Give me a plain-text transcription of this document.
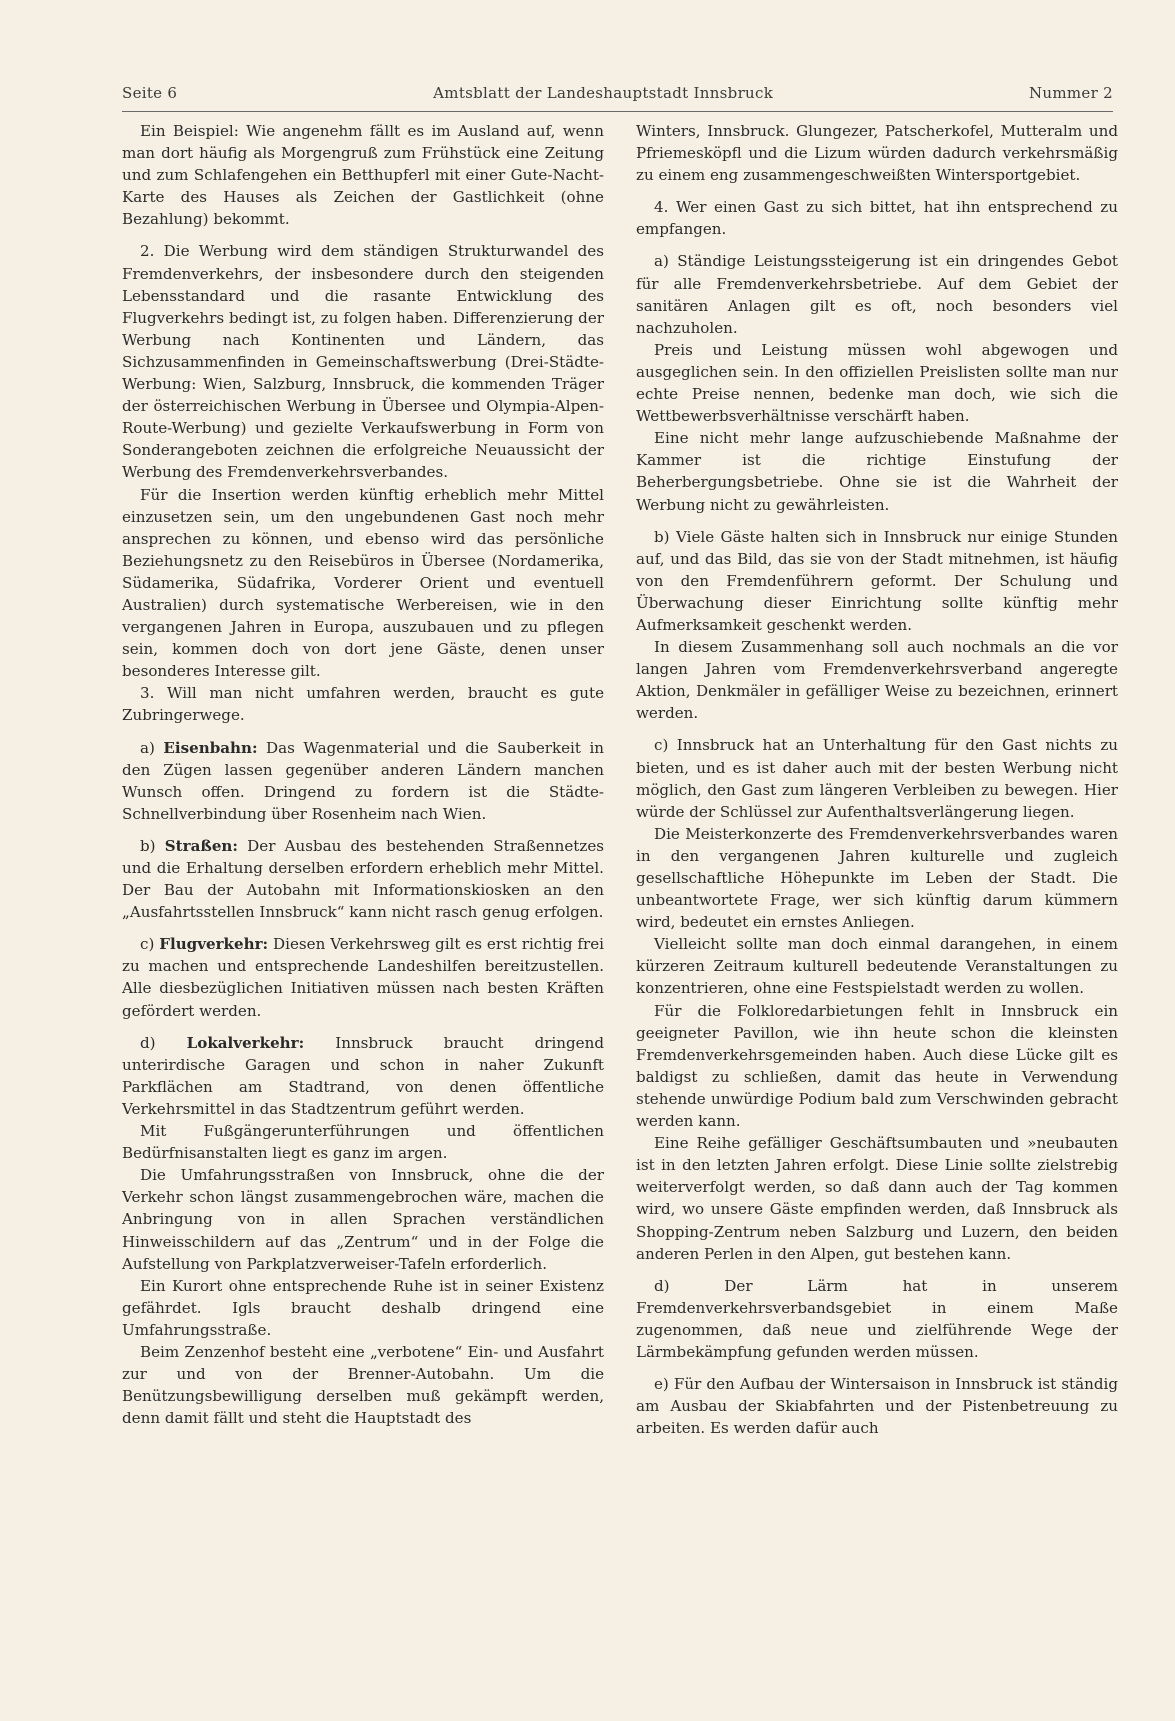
Seite 6	Amtsblatt der Landeshauptstadt Innsbruck	Nummer 2

Ein Beispiel: Wie angenehm fällt es im Ausland auf, wenn man dort häufig als Morgengruß zum Frühstück eine Zeitung und zum Schlafengehen ein Betthupferl mit einer Gute-Nacht-Karte des Hauses als Zeichen der Gastlichkeit (ohne Bezahlung) bekommt.

2. Die Werbung wird dem ständigen Strukturwandel des Fremdenverkehrs, der insbesondere durch den steigenden Lebensstandard und die rasante Entwicklung des Flugverkehrs bedingt ist, zu folgen haben. Differenzierung der Werbung nach Kontinenten und Ländern, das Sichzusammenfinden in Gemeinschaftswerbung (Drei-Städte-Werbung: Wien, Salzburg, Innsbruck, die kommenden Träger der österreichischen Werbung in Übersee und Olympia-Alpen-Route-Werbung) und gezielte Verkaufswerbung in Form von Sonderangeboten zeichnen die erfolgreiche Neuaussicht der Werbung des Fremdenverkehrsverbandes.

Für die Insertion werden künftig erheblich mehr Mittel einzusetzen sein, um den ungebundenen Gast noch mehr ansprechen zu können, und ebenso wird das persönliche Beziehungsnetz zu den Reisebüros in Übersee (Nordamerika, Südamerika, Südafrika, Vorderer Orient und eventuell Australien) durch systematische Werbereisen, wie in den vergangenen Jahren in Europa, auszubauen und zu pflegen sein, kommen doch von dort jene Gäste, denen unser besonderes Interesse gilt.

3. Will man nicht umfahren werden, braucht es gute Zubringerwege.

a) Eisenbahn: Das Wagenmaterial und die Sauberkeit in den Zügen lassen gegenüber anderen Ländern manchen Wunsch offen. Dringend zu fordern ist die Städte-Schnellverbindung über Rosenheim nach Wien.

b) Straßen: Der Ausbau des bestehenden Straßennetzes und die Erhaltung derselben erfordern erheblich mehr Mittel. Der Bau der Autobahn mit Informationskiosken an den „Ausfahrtsstellen Innsbruck“ kann nicht rasch genug erfolgen.

c) Flugverkehr: Diesen Verkehrsweg gilt es erst richtig frei zu machen und entsprechende Landeshilfen bereitzustellen. Alle diesbezüglichen Initiativen müssen nach besten Kräften gefördert werden.

d) Lokalverkehr: Innsbruck braucht dringend unterirdische Garagen und schon in naher Zukunft Parkflächen am Stadtrand, von denen öffentliche Verkehrsmittel in das Stadtzentrum geführt werden.

Mit Fußgängerunterführungen und öffentlichen Bedürfnisanstalten liegt es ganz im argen.

Die Umfahrungsstraßen von Innsbruck, ohne die der Verkehr schon längst zusammengebrochen wäre, machen die Anbringung von in allen Sprachen verständlichen Hinweisschildern auf das „Zentrum“ und in der Folge die Aufstellung von Parkplatzverweiser-Tafeln erforderlich.

Ein Kurort ohne entsprechende Ruhe ist in seiner Existenz gefährdet. Igls braucht deshalb dringend eine Umfahrungsstraße.

Beim Zenzenhof besteht eine „verbotene“ Ein- und Ausfahrt zur und von der Brenner-Autobahn. Um die Benützungsbewilligung derselben muß gekämpft werden, denn damit fällt und steht die Hauptstadt des

Winters, Innsbruck. Glungezer, Patscherkofel, Mutteralm und Pfriemesköpfl und die Lizum würden dadurch verkehrsmäßig zu einem eng zusammengeschweißten Wintersportgebiet.

4. Wer einen Gast zu sich bittet, hat ihn entsprechend zu empfangen.

a) Ständige Leistungssteigerung ist ein dringendes Gebot für alle Fremdenverkehrsbetriebe. Auf dem Gebiet der sanitären Anlagen gilt es oft, noch besonders viel nachzuholen.

Preis und Leistung müssen wohl abgewogen und ausgeglichen sein. In den offiziellen Preislisten sollte man nur echte Preise nennen, bedenke man doch, wie sich die Wettbewerbsverhältnisse verschärft haben.

Eine nicht mehr lange aufzuschiebende Maßnahme der Kammer ist die richtige Einstufung der Beherbergungsbetriebe. Ohne sie ist die Wahrheit der Werbung nicht zu gewährleisten.

b) Viele Gäste halten sich in Innsbruck nur einige Stunden auf, und das Bild, das sie von der Stadt mitnehmen, ist häufig von den Fremdenführern geformt. Der Schulung und Überwachung dieser Einrichtung sollte künftig mehr Aufmerksamkeit geschenkt werden.

In diesem Zusammenhang soll auch nochmals an die vor langen Jahren vom Fremdenverkehrsverband angeregte Aktion, Denkmäler in gefälliger Weise zu bezeichnen, erinnert werden.

c) Innsbruck hat an Unterhaltung für den Gast nichts zu bieten, und es ist daher auch mit der besten Werbung nicht möglich, den Gast zum längeren Verbleiben zu bewegen. Hier würde der Schlüssel zur Aufenthaltsverlängerung liegen.

Die Meisterkonzerte des Fremdenverkehrsverbandes waren in den vergangenen Jahren kulturelle und zugleich gesellschaftliche Höhepunkte im Leben der Stadt. Die unbeantwortete Frage, wer sich künftig darum kümmern wird, bedeutet ein ernstes Anliegen.

Vielleicht sollte man doch einmal darangehen, in einem kürzeren Zeitraum kulturell bedeutende Veranstaltungen zu konzentrieren, ohne eine Festspielstadt werden zu wollen.

Für die Folkloredarbietungen fehlt in Innsbruck ein geeigneter Pavillon, wie ihn heute schon die kleinsten Fremdenverkehrsgemeinden haben. Auch diese Lücke gilt es baldigst zu schließen, damit das heute in Verwendung stehende unwürdige Podium bald zum Verschwinden gebracht werden kann.

Eine Reihe gefälliger Geschäftsumbauten und »neubauten ist in den letzten Jahren erfolgt. Diese Linie sollte zielstrebig weiterverfolgt werden, so daß dann auch der Tag kommen wird, wo unsere Gäste empfinden werden, daß Innsbruck als Shopping-Zentrum neben Salzburg und Luzern, den beiden anderen Perlen in den Alpen, gut bestehen kann.

d) Der Lärm hat in unserem Fremdenverkehrsverbandsgebiet in einem Maße zugenommen, daß neue und zielführende Wege der Lärmbekämpfung gefunden werden müssen.

e) Für den Aufbau der Wintersaison in Innsbruck ist ständig am Ausbau der Skiabfahrten und der Pistenbetreuung zu arbeiten. Es werden dafür auch
